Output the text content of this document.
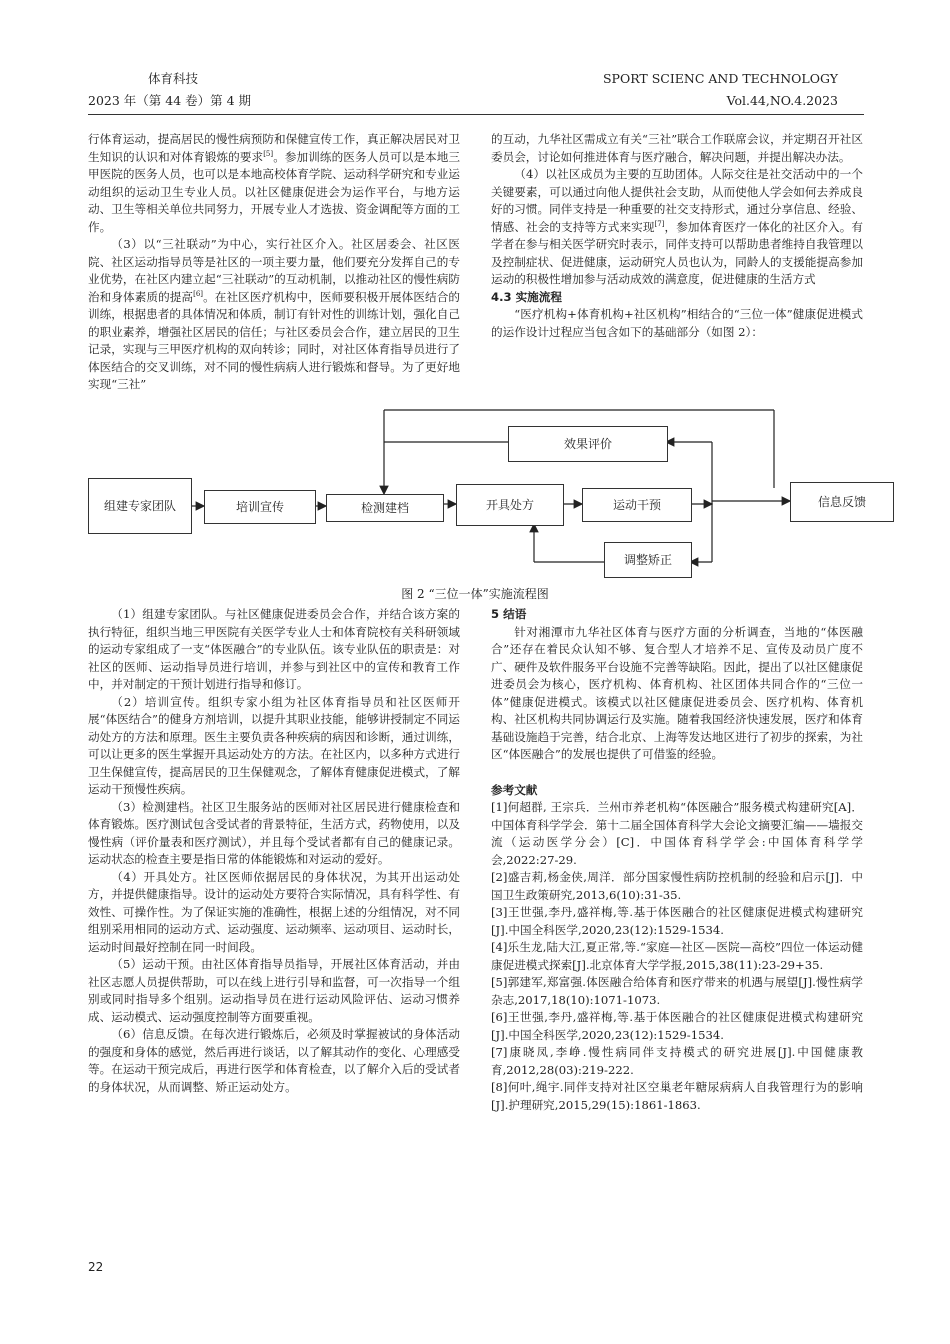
体育科技
2023 年（第 44 卷）第 4 期
SPORT SCIENC AND TECHNOLOGY
Vol.44,NO.4.2023

行体育运动，提高居民的慢性病预防和保健宣传工作，真正解决居民对卫生知识的认识和对体育锻炼的要求[5]。参加训练的医务人员可以是本地三甲医院的医务人员，也可以是本地高校体育学院、运动科学研究和专业运动组织的运动卫生专业人员。以社区健康促进会为运作平台，与地方运动、卫生等相关单位共同努力，开展专业人才选拔、资金调配等方面的工作。

（3）以“三社联动”为中心，实行社区介入。社区居委会、社区医院、社区运动指导员等是社区的一项主要力量，他们要充分发挥自己的专业优势，在社区内建立起“三社联动”的互动机制，以推动社区的慢性病防治和身体素质的提高[6]。在社区医疗机构中，医师要积极开展体医结合的训练，根据患者的具体情况和体质，制订有针对性的训练计划，强化自己的职业素养，增强社区居民的信任；与社区委员会合作，建立居民的卫生记录，实现与三甲医疗机构的双向转诊；同时，对社区体育指导员进行了体医结合的交叉训练，对不同的慢性病病人进行锻炼和督导。为了更好地实现“三社”

的互动，九华社区需成立有关“三社”联合工作联席会议，并定期召开社区委员会，讨论如何推进体育与医疗融合，解决问题，并提出解决办法。

（4）以社区成员为主要的互助团体。人际交往是社交活动中的一个关键要素，可以通过向他人提供社会支助，从而使他人学会如何去养成良好的习惯。同伴支持是一种重要的社交支持形式，通过分享信息、经验、情感、社会的支持等方式来实现[7]，参加体育医疗一体化的社区介入。有学者在参与相关医学研究时表示，同伴支持可以帮助患者维持自我管理以及控制症状、促进健康，运动研究人员也认为，同龄人的支援能提高参加运动的积极性增加参与活动成效的满意度，促进健康的生活方式

4.3 实施流程

“医疗机构+体育机构+社区机构”相结合的“三位一体”健康促进模式的运作设计过程应当包含如下的基础部分（如图 2）：

组建专家团队	培训宣传	检测建档	开具处方	运动干预	信息反馈
效果评价
调整矫正
图 2 “三位一体”实施流程图

（1）组建专家团队。与社区健康促进委员会合作，并结合该方案的执行特征，组织当地三甲医院有关医学专业人士和体育院校有关科研领域的运动专家组成了一支“体医融合”的专业队伍。该专业队伍的职责是：对社区的医师、运动指导员进行培训，并参与到社区中的宣传和教育工作中，并对制定的干预计划进行指导和修订。

（2）培训宣传。组织专家小组为社区体育指导员和社区医师开展“体医结合”的健身方剂培训，以提升其职业技能，能够讲授制定不同运动处方的方法和原理。医生主要负责各种疾病的病因和诊断，通过训练，可以让更多的医生掌握开具运动处方的方法。在社区内，以多种方式进行卫生保健宣传，提高居民的卫生保健观念，了解体育健康促进模式，了解运动干预慢性疾病。

（3）检测建档。社区卫生服务站的医师对社区居民进行健康检查和体育锻炼。医疗测试包含受试者的背景特征，生活方式，药物使用，以及慢性病（评价量表和医疗测试），并且每个受试者都有自己的健康记录。运动状态的检查主要是指日常的体能锻炼和对运动的爱好。

（4）开具处方。社区医师依据居民的身体状况，为其开出运动处方，并提供健康指导。设计的运动处方要符合实际情况，具有科学性、有效性、可操作性。为了保证实施的准确性，根据上述的分组情况，对不同组别采用相同的运动方式、运动强度、运动频率、运动项目、运动时长，运动时间最好控制在同一时间段。

（5）运动干预。由社区体育指导员指导，开展社区体育活动，并由社区志愿人员提供帮助，可以在线上进行引导和监督，可一次指导一个组别或同时指导多个组别。运动指导员在进行运动风险评估、运动习惯养成、运动模式、运动强度控制等方面要重视。

（6）信息反馈。在每次进行锻炼后，必须及时掌握被试的身体活动的强度和身体的感觉，然后再进行谈话，以了解其动作的变化、心理感受等。在运动干预完成后，再进行医学和体育检查，以了解介入后的受试者的身体状况，从而调整、矫正运动处方。

5 结语

针对湘潭市九华社区体育与医疗方面的分析调查，当地的“体医融合”还存在着民众认知不够、复合型人才培养不足、宣传及动员广度不广、硬件及软件服务平台设施不完善等缺陷。因此，提出了以社区健康促进委员会为核心，医疗机构、体育机构、社区团体共同合作的“三位一体”健康促进模式。该模式以社区健康促进委员会、医疗机构、体育机构、社区机构共同协调运行及实施。随着我国经济快速发展，医疗和体育基础设施趋于完善，结合北京、上海等发达地区进行了初步的探索，为社区“体医融合”的发展也提供了可借鉴的经验。

参考文献

[1]何超群, 王宗兵．兰州市养老机构“体医融合”服务模式构建研究[A]．中国体育科学学会．第十二届全国体育科学大会论文摘要汇编——墙报交流（运动医学分会）[C]．中国体育科学学会:中国体育科学学会,2022:27-29.

[2]盛吉莉,杨金侠,周洋．部分国家慢性病防控机制的经验和启示[J]．中国卫生政策研究,2013,6(10):31-35.

[3]王世强,李丹,盛祥梅,等.基于体医融合的社区健康促进模式构建研究[J].中国全科医学,2020,23(12):1529-1534.

[4]乐生龙,陆大江,夏正常,等.“家庭—社区—医院—高校”四位一体运动健康促进模式探索[J].北京体育大学学报,2015,38(11):23-29+35.

[5]郭建军,郑富强.体医融合给体育和医疗带来的机遇与展望[J].慢性病学杂志,2017,18(10):1071-1073.

[6]王世强,李丹,盛祥梅,等.基于体医融合的社区健康促进模式构建研究[J].中国全科医学,2020,23(12):1529-1534.

[7]康晓凤,李峥.慢性病同伴支持模式的研究进展[J].中国健康教育,2012,28(03):219-222.

[8]何叶,绳宇.同伴支持对社区空巢老年糖尿病病人自我管理行为的影响[J].护理研究,2015,29(15):1861-1863.

22
